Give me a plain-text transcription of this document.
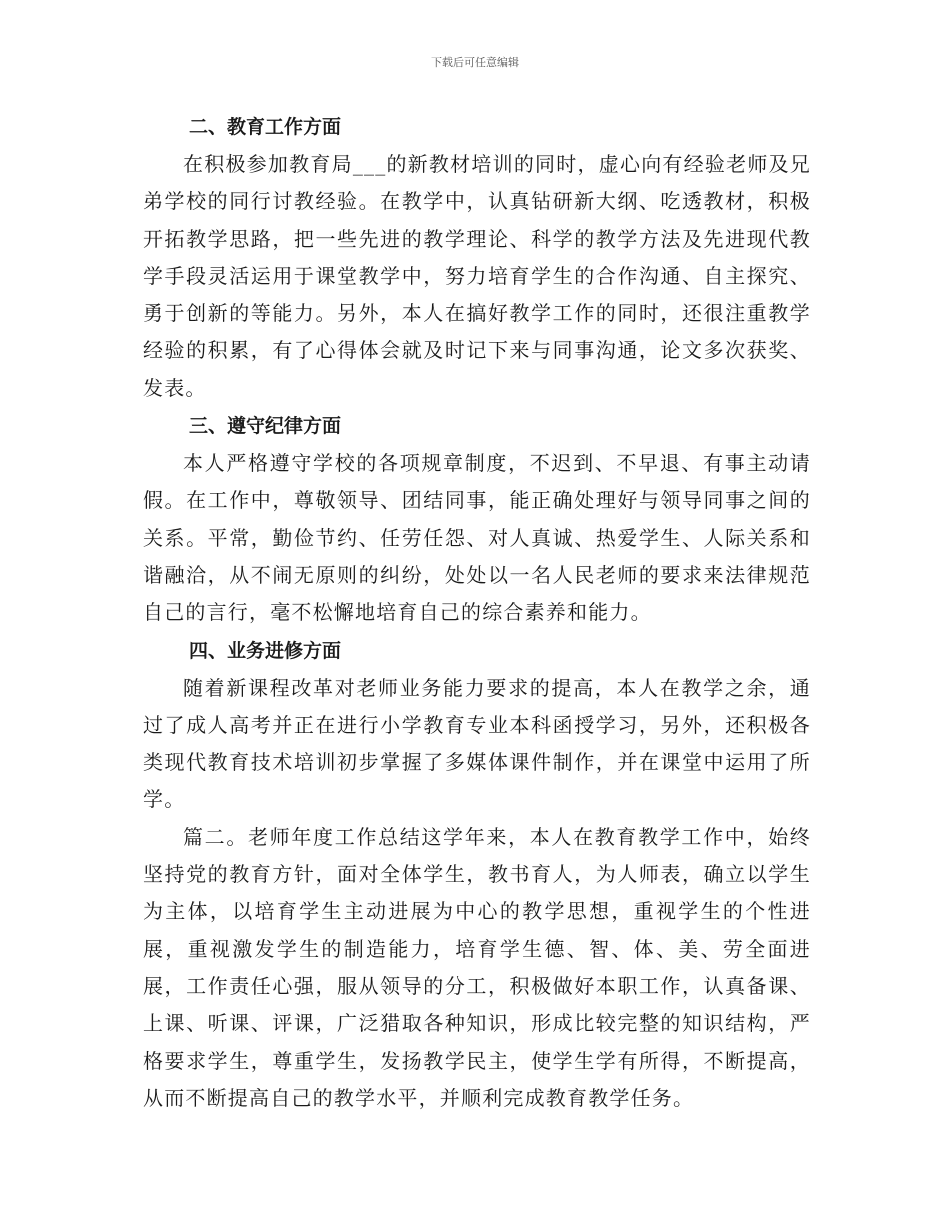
下载后可任意编辑
二、教育工作方面

在积极参加教育局___的新教材培训的同时，虚心向有经验老师及兄弟学校的同行讨教经验。在教学中，认真钻研新大纲、吃透教材，积极开拓教学思路，把一些先进的教学理论、科学的教学方法及先进现代教学手段灵活运用于课堂教学中，努力培育学生的合作沟通、自主探究、勇于创新的等能力。另外，本人在搞好教学工作的同时，还很注重教学经验的积累，有了心得体会就及时记下来与同事沟通，论文多次获奖、发表。

三、遵守纪律方面

本人严格遵守学校的各项规章制度，不迟到、不早退、有事主动请假。在工作中，尊敬领导、团结同事，能正确处理好与领导同事之间的关系。平常，勤俭节约、任劳任怨、对人真诚、热爱学生、人际关系和谐融洽，从不闹无原则的纠纷，处处以一名人民老师的要求来法律规范自己的言行，毫不松懈地培育自己的综合素养和能力。

四、业务进修方面

随着新课程改革对老师业务能力要求的提高，本人在教学之余，通过了成人高考并正在进行小学教育专业本科函授学习，另外，还积极各类现代教育技术培训初步掌握了多媒体课件制作，并在课堂中运用了所学。

篇二。老师年度工作总结这学年来，本人在教育教学工作中，始终坚持党的教育方针，面对全体学生，教书育人，为人师表，确立以学生为主体，以培育学生主动进展为中心的教学思想，重视学生的个性进展，重视激发学生的制造能力，培育学生德、智、体、美、劳全面进展，工作责任心强，服从领导的分工，积极做好本职工作，认真备课、上课、听课、评课，广泛猎取各种知识，形成比较完整的知识结构，严格要求学生，尊重学生，发扬教学民主，使学生学有所得，不断提高，从而不断提高自己的教学水平，并顺利完成教育教学任务。
